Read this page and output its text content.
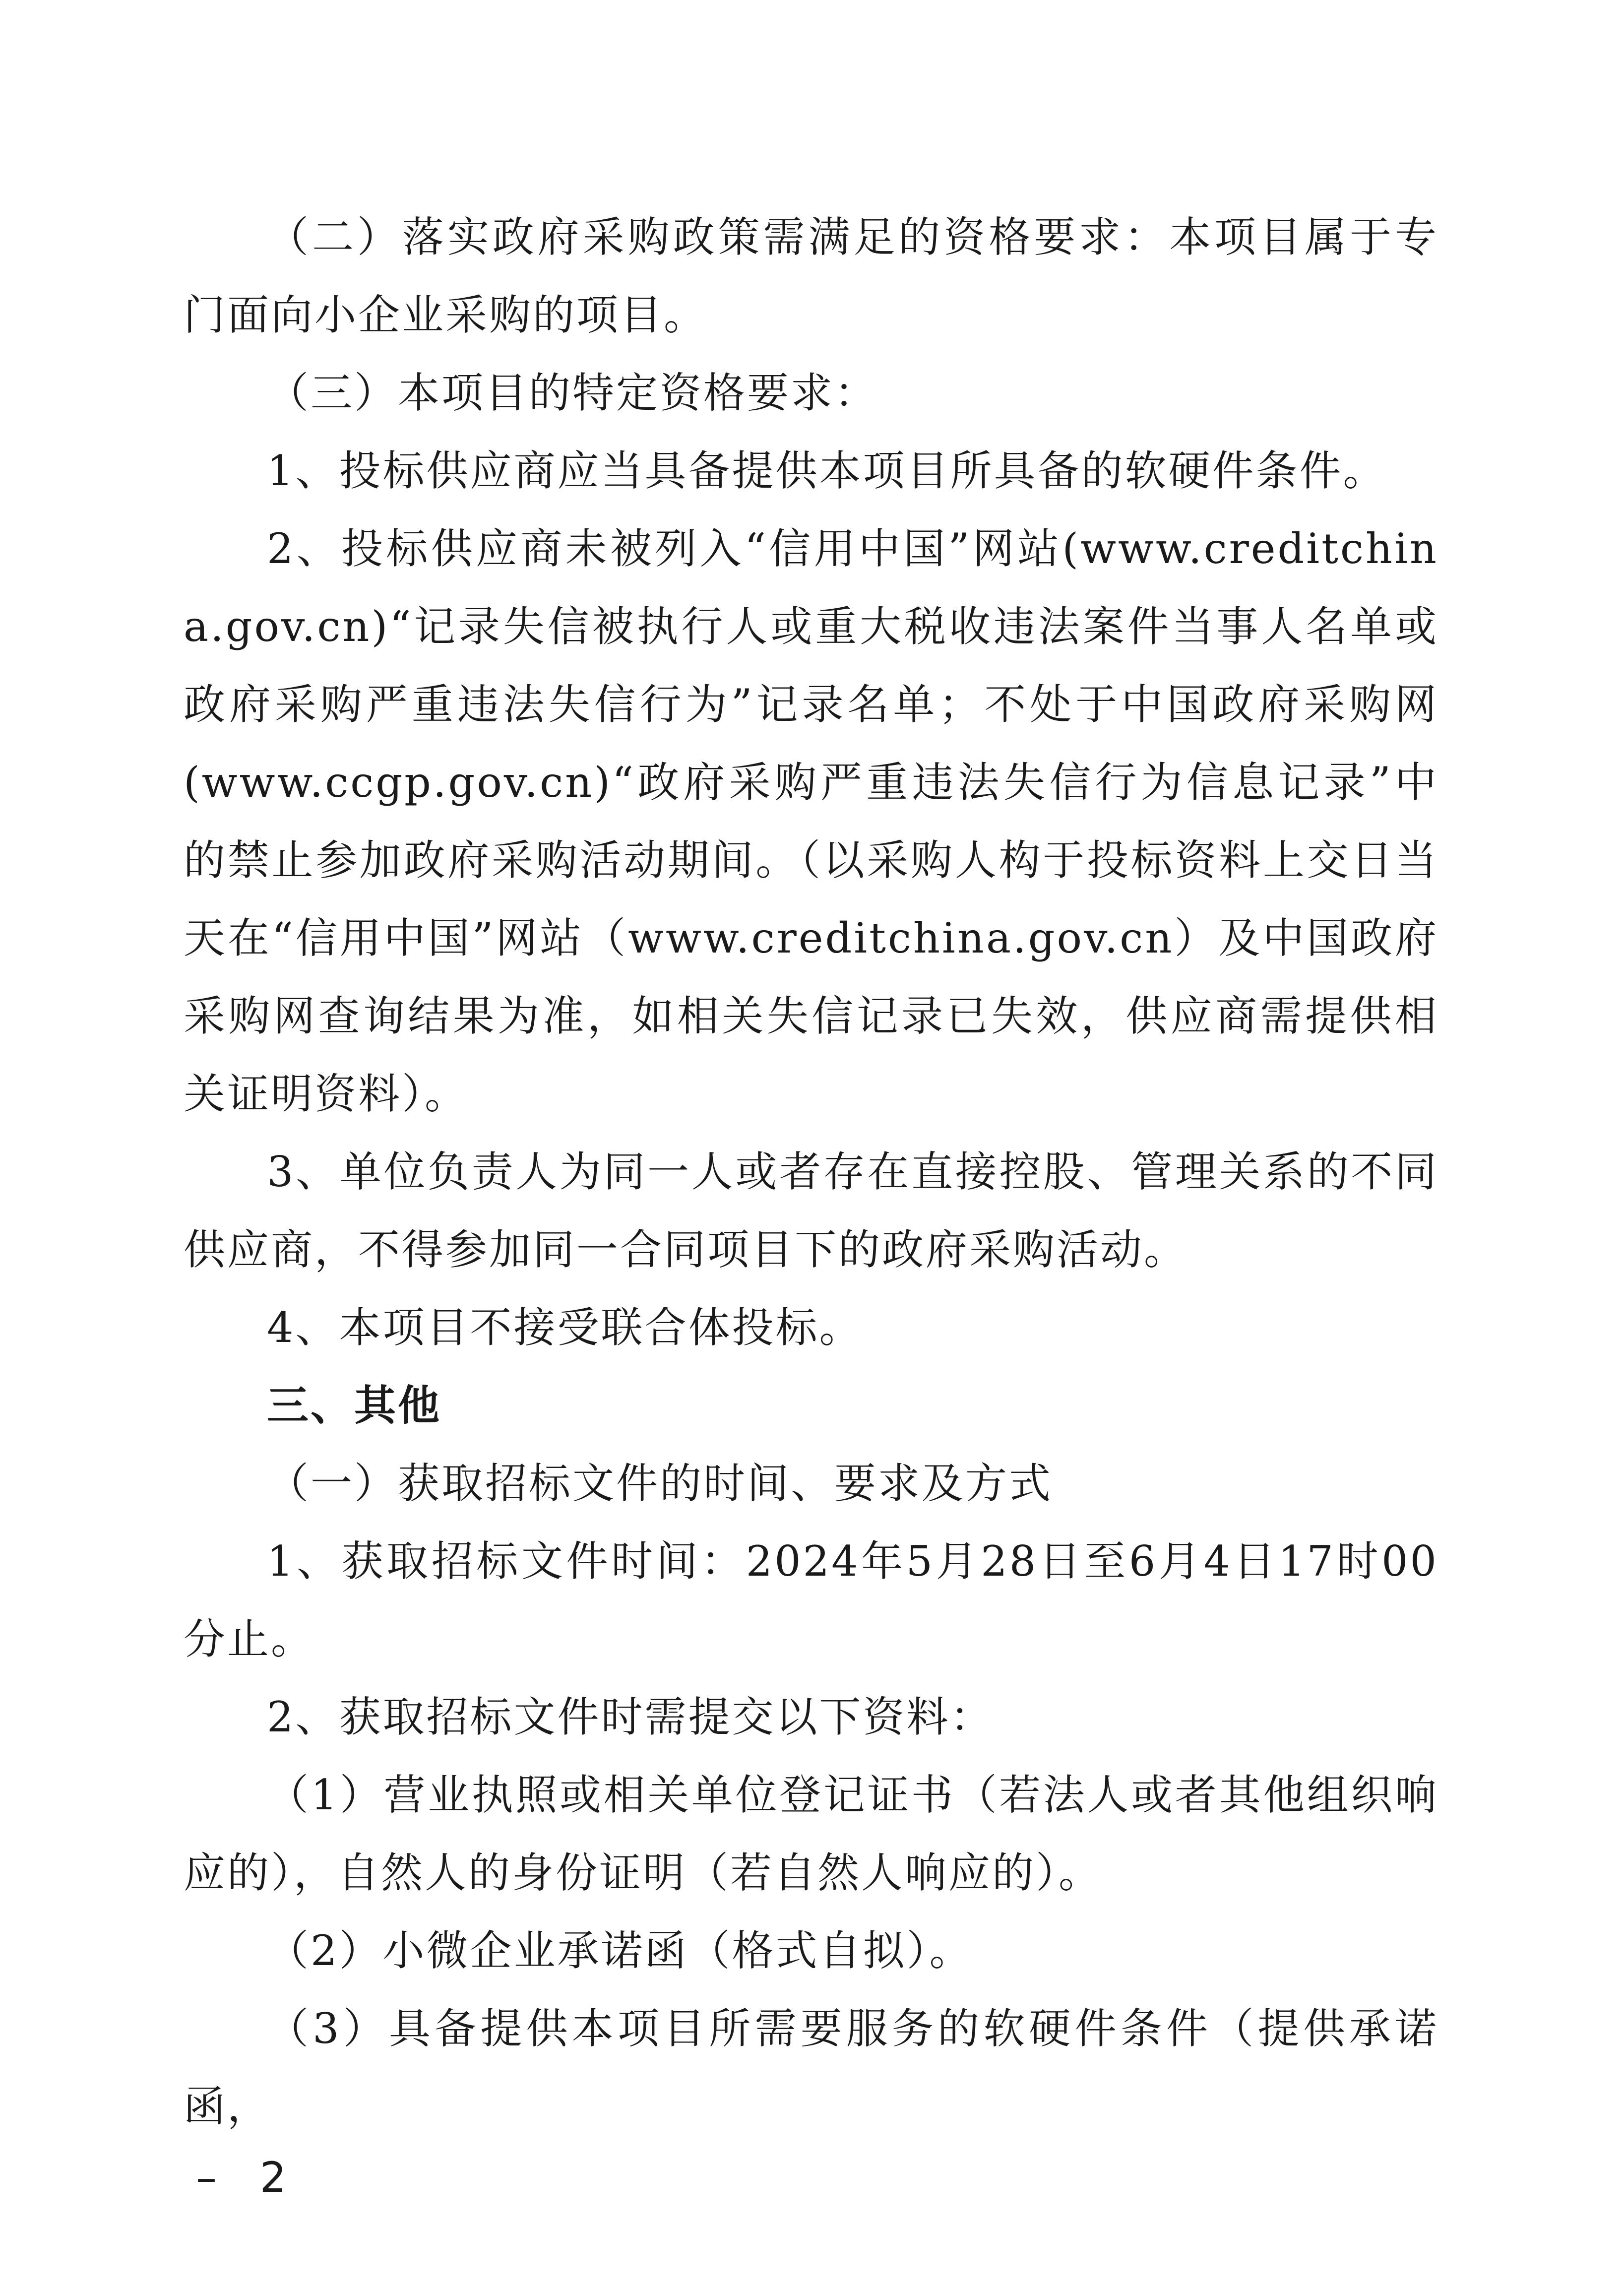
（二）落实政府采购政策需满足的资格要求：本项目属于专门面向小企业采购的项目。

（三）本项目的特定资格要求：

1、投标供应商应当具备提供本项目所具备的软硬件条件。

2、投标供应商未被列入“信用中国”网站(www.creditchina.gov.cn)“记录失信被执行人或重大税收违法案件当事人名单或政府采购严重违法失信行为”记录名单；不处于中国政府采购网(www.ccgp.gov.cn)“政府采购严重违法失信行为信息记录”中的禁止参加政府采购活动期间。（以采购人构于投标资料上交日当天在“信用中国”网站（www.creditchina.gov.cn）及中国政府采购网查询结果为准，如相关失信记录已失效，供应商需提供相关证明资料）。

3、单位负责人为同一人或者存在直接控股、管理关系的不同供应商，不得参加同一合同项目下的政府采购活动。

4、本项目不接受联合体投标。

三、其他

（一）获取招标文件的时间、要求及方式

1、获取招标文件时间：2024年5月28日至6月4日17时00分止。

2、获取招标文件时需提交以下资料：

（1）营业执照或相关单位登记证书（若法人或者其他组织响应的），自然人的身份证明（若自然人响应的）。

（2）小微企业承诺函（格式自拟）。

（3）具备提供本项目所需要服务的软硬件条件（提供承诺函，

– 2
